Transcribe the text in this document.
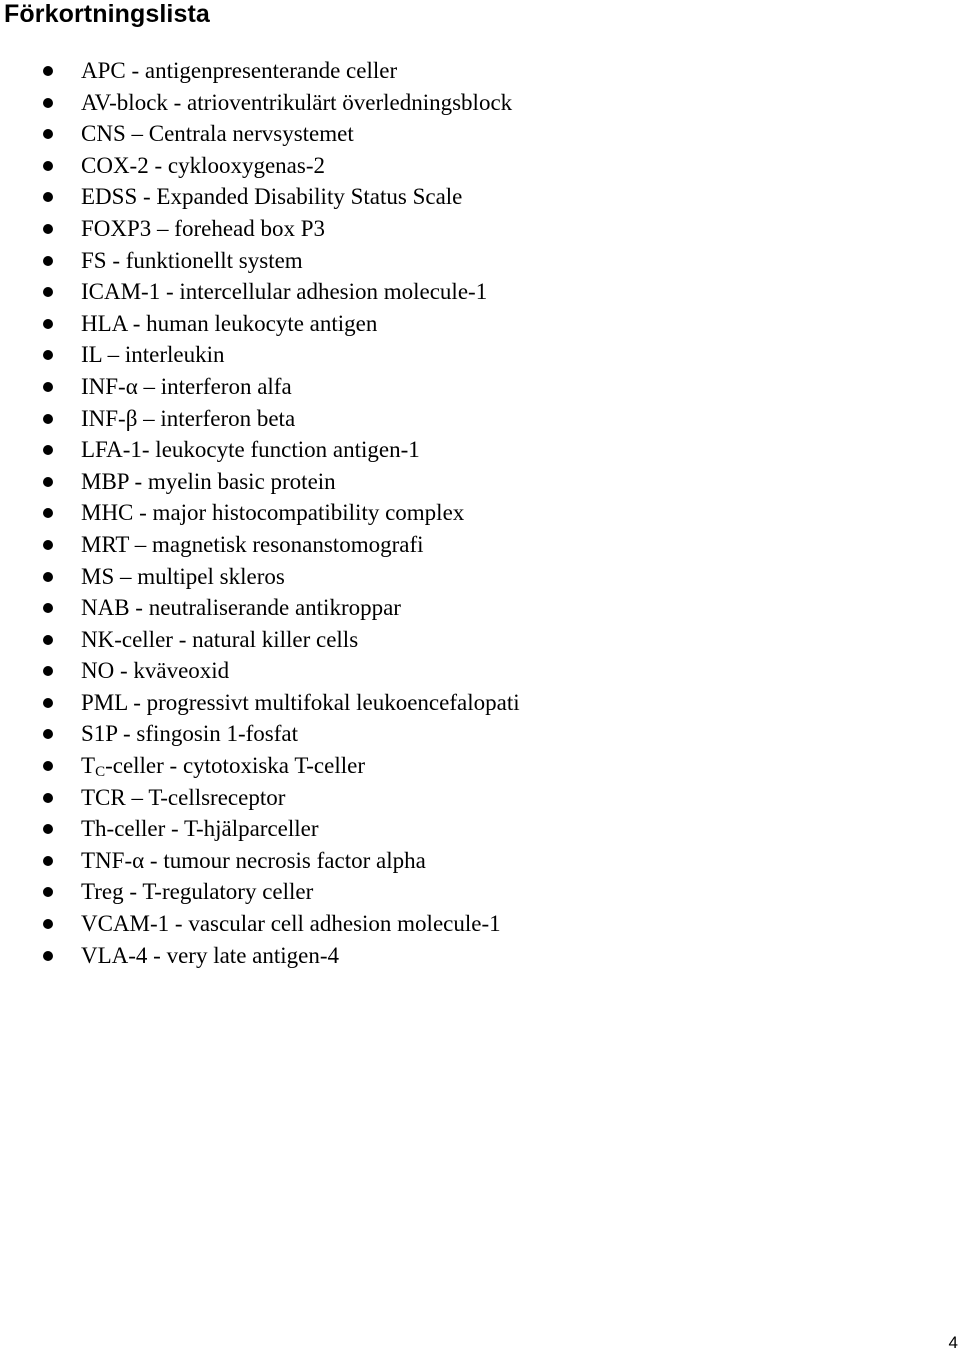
Förkortningslista
APC - antigenpresenterande celler
AV-block - atrioventrikulärt överledningsblock
CNS – Centrala nervsystemet
COX-2 - cyklooxygenas-2
EDSS - Expanded Disability Status Scale
FOXP3 – forehead box P3
FS - funktionellt system
ICAM-1 - intercellular adhesion molecule-1
HLA - human leukocyte antigen
IL – interleukin
INF-α – interferon alfa
INF-β – interferon beta
LFA-1- leukocyte function antigen-1
MBP - myelin basic protein
MHC - major histocompatibility complex
MRT – magnetisk resonanstomografi
MS – multipel skleros
NAB - neutraliserande antikroppar
NK-celler - natural killer cells
NO - kväveoxid
PML - progressivt multifokal leukoencefalopati
S1P - sfingosin 1-fosfat
$T_C$-celler - cytotoxiska T-celler
TCR – T-cellsreceptor
Th-celler - T-hjälparceller
TNF-α - tumour necrosis factor alpha
Treg - T-regulatory celler
VCAM-1 - vascular cell adhesion molecule-1
VLA-4 - very late antigen-4
4
